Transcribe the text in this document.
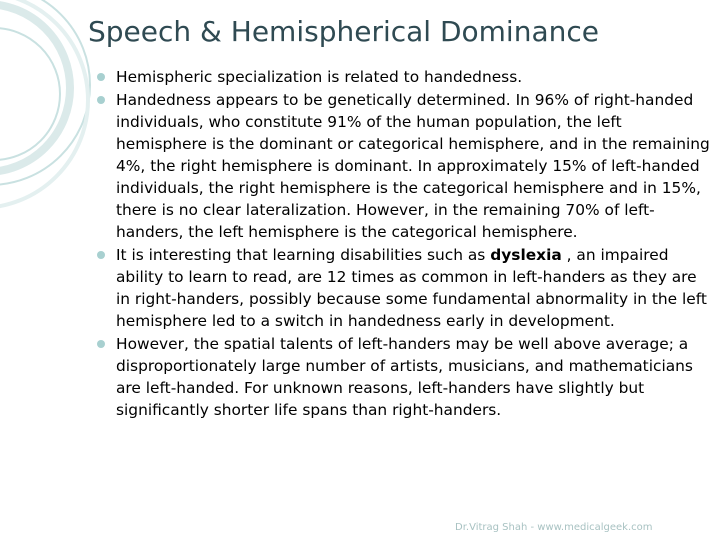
Speech & Hemispherical Dominance
Hemispheric specialization is related to handedness.
Handedness appears to be genetically determined. In 96% of right-handed individuals, who constitute 91% of the human population, the left hemisphere is the dominant or categorical hemisphere, and in the remaining 4%, the right hemisphere is dominant. In approximately 15% of left-handed individuals, the right hemisphere is the categorical hemisphere and in 15%, there is no clear lateralization. However, in the remaining 70% of left-handers, the left hemisphere is the categorical hemisphere.
It is interesting that learning disabilities such as dyslexia , an impaired ability to learn to read, are 12 times as common in left-handers as they are in right-handers, possibly because some fundamental abnormality in the left hemisphere led to a switch in handedness early in development.
However, the spatial talents of left-handers may be well above average; a disproportionately large number of artists, musicians, and mathematicians are left-handed. For unknown reasons, left-handers have slightly but significantly shorter life spans than right-handers.
Dr.Vitrag Shah - www.medicalgeek.com
